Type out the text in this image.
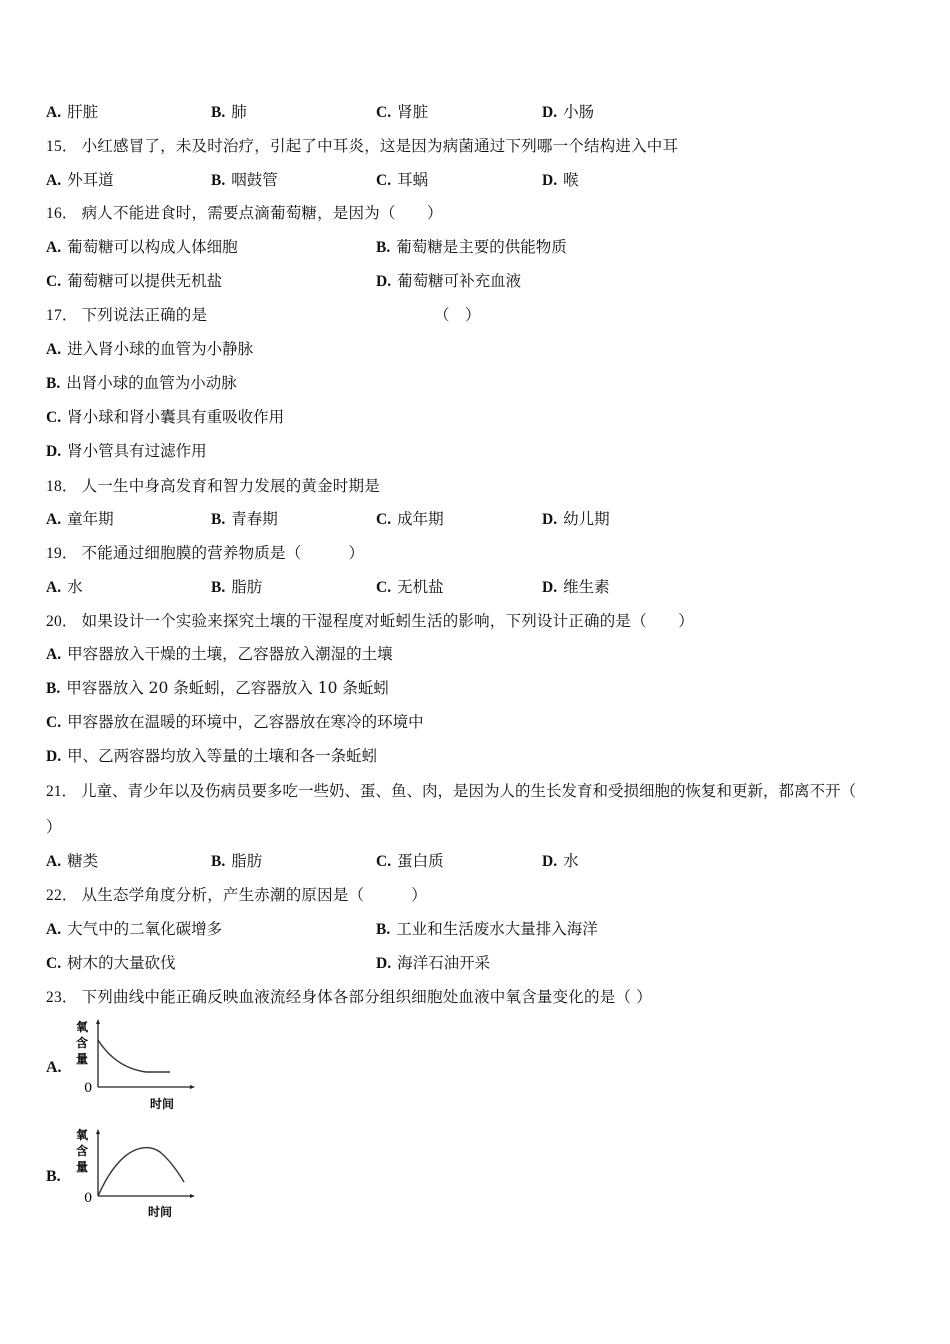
A. 肝脏	B. 肺	C. 肾脏	D. 小肠
15． 小红感冒了，未及时治疗，引起了中耳炎，这是因为病菌通过下列哪一个结构进入中耳
A. 外耳道	B. 咽鼓管	C. 耳蜗	D. 喉
16． 病人不能进食时，需要点滴葡萄糖，是因为（　　）
A. 葡萄糖可以构成人体细胞	B. 葡萄糖是主要的供能物质
C. 葡萄糖可以提供无机盐	D. 葡萄糖可补充血液
17． 下列说法正确的是	（　）
A. 进入肾小球的血管为小静脉
B. 出肾小球的血管为小动脉
C. 肾小球和肾小囊具有重吸收作用
D. 肾小管具有过滤作用
18． 人一生中身高发育和智力发展的黄金时期是
A. 童年期	B. 青春期	C. 成年期	D. 幼儿期
19． 不能通过细胞膜的营养物质是（　　　）
A. 水	B. 脂肪	C. 无机盐	D. 维生素
20． 如果设计一个实验来探究土壤的干湿程度对蚯蚓生活的影响，下列设计正确的是（　　）
A. 甲容器放入干燥的土壤，乙容器放入潮湿的土壤
B. 甲容器放入 20 条蚯蚓，乙容器放入 10 条蚯蚓
C. 甲容器放在温暖的环境中，乙容器放在寒冷的环境中
D. 甲、乙两容器均放入等量的土壤和各一条蚯蚓
21． 儿童、青少年以及伤病员要多吃一些奶、蛋、鱼、肉，是因为人的生长发育和受损细胞的恢复和更新，都离不开（
）
A. 糖类	B. 脂肪	C. 蛋白质	D. 水
22． 从生态学角度分析，产生赤潮的原因是（　　　）
A. 大气中的二氧化碳增多	B. 工业和生活废水大量排入海洋
C. 树木的大量砍伐	D. 海洋石油开采
23． 下列曲线中能正确反映血液流经身体各部分组织细胞处血液中氧含量变化的是（ ）
A.
氧
含
量
0
时间
B.
氧
含
量
0
时间
